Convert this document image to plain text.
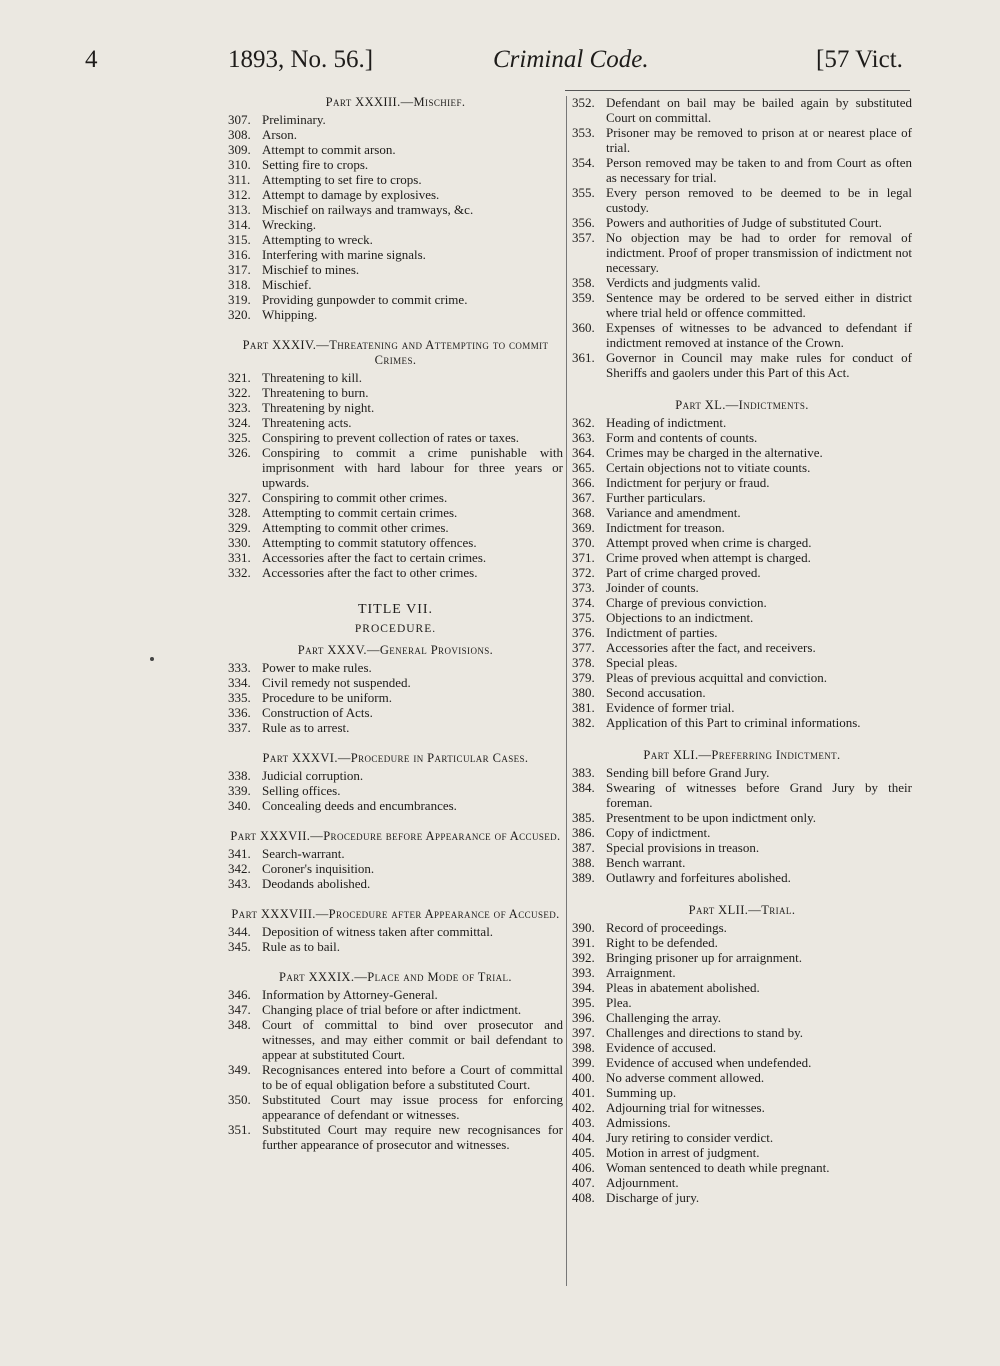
4	1893, No. 56.]	Criminal Code.	[57 Vict.
Part XXXIII.—Mischief.
307. Preliminary.
308. Arson.
309. Attempt to commit arson.
310. Setting fire to crops.
311. Attempting to set fire to crops.
312. Attempt to damage by explosives.
313. Mischief on railways and tramways, &c.
314. Wrecking.
315. Attempting to wreck.
316. Interfering with marine signals.
317. Mischief to mines.
318. Mischief.
319. Providing gunpowder to commit crime.
320. Whipping.
Part XXXIV.—Threatening and Attempting to commit Crimes.
321. Threatening to kill.
322. Threatening to burn.
323. Threatening by night.
324. Threatening acts.
325. Conspiring to prevent collection of rates or taxes.
326. Conspiring to commit a crime punishable with imprisonment with hard labour for three years or upwards.
327. Conspiring to commit other crimes.
328. Attempting to commit certain crimes.
329. Attempting to commit other crimes.
330. Attempting to commit statutory offences.
331. Accessories after the fact to certain crimes.
332. Accessories after the fact to other crimes.
TITLE VII.
PROCEDURE.
Part XXXV.—General Provisions.
333. Power to make rules.
334. Civil remedy not suspended.
335. Procedure to be uniform.
336. Construction of Acts.
337. Rule as to arrest.
Part XXXVI.—Procedure in Particular Cases.
338. Judicial corruption.
339. Selling offices.
340. Concealing deeds and encumbrances.
Part XXXVII.—Procedure before Appearance of Accused.
341. Search-warrant.
342. Coroner's inquisition.
343. Deodands abolished.
Part XXXVIII.—Procedure after Appearance of Accused.
344. Deposition of witness taken after committal.
345. Rule as to bail.
Part XXXIX.—Place and Mode of Trial.
346. Information by Attorney-General.
347. Changing place of trial before or after indictment.
348. Court of committal to bind over prosecutor and witnesses, and may either commit or bail defendant to appear at substituted Court.
349. Recognisances entered into before a Court of committal to be of equal obligation before a substituted Court.
350. Substituted Court may issue process for enforcing appearance of defendant or witnesses.
351. Substituted Court may require new recognisances for further appearance of prosecutor and witnesses.
352. Defendant on bail may be bailed again by substituted Court on committal.
353. Prisoner may be removed to prison at or nearest place of trial.
354. Person removed may be taken to and from Court as often as necessary for trial.
355. Every person removed to be deemed to be in legal custody.
356. Powers and authorities of Judge of substituted Court.
357. No objection may be had to order for removal of indictment. Proof of proper transmission of indictment not necessary.
358. Verdicts and judgments valid.
359. Sentence may be ordered to be served either in district where trial held or offence committed.
360. Expenses of witnesses to be advanced to defendant if indictment removed at instance of the Crown.
361. Governor in Council may make rules for conduct of Sheriffs and gaolers under this Part of this Act.
Part XL.—Indictments.
362. Heading of indictment.
363. Form and contents of counts.
364. Crimes may be charged in the alternative.
365. Certain objections not to vitiate counts.
366. Indictment for perjury or fraud.
367. Further particulars.
368. Variance and amendment.
369. Indictment for treason.
370. Attempt proved when crime is charged.
371. Crime proved when attempt is charged.
372. Part of crime charged proved.
373. Joinder of counts.
374. Charge of previous conviction.
375. Objections to an indictment.
376. Indictment of parties.
377. Accessories after the fact, and receivers.
378. Special pleas.
379. Pleas of previous acquittal and conviction.
380. Second accusation.
381. Evidence of former trial.
382. Application of this Part to criminal informations.
Part XLI.—Preferring Indictment.
383. Sending bill before Grand Jury.
384. Swearing of witnesses before Grand Jury by their foreman.
385. Presentment to be upon indictment only.
386. Copy of indictment.
387. Special provisions in treason.
388. Bench warrant.
389. Outlawry and forfeitures abolished.
Part XLII.—Trial.
390. Record of proceedings.
391. Right to be defended.
392. Bringing prisoner up for arraignment.
393. Arraignment.
394. Pleas in abatement abolished.
395. Plea.
396. Challenging the array.
397. Challenges and directions to stand by.
398. Evidence of accused.
399. Evidence of accused when undefended.
400. No adverse comment allowed.
401. Summing up.
402. Adjourning trial for witnesses.
403. Admissions.
404. Jury retiring to consider verdict.
405. Motion in arrest of judgment.
406. Woman sentenced to death while pregnant.
407. Adjournment.
408. Discharge of jury.
